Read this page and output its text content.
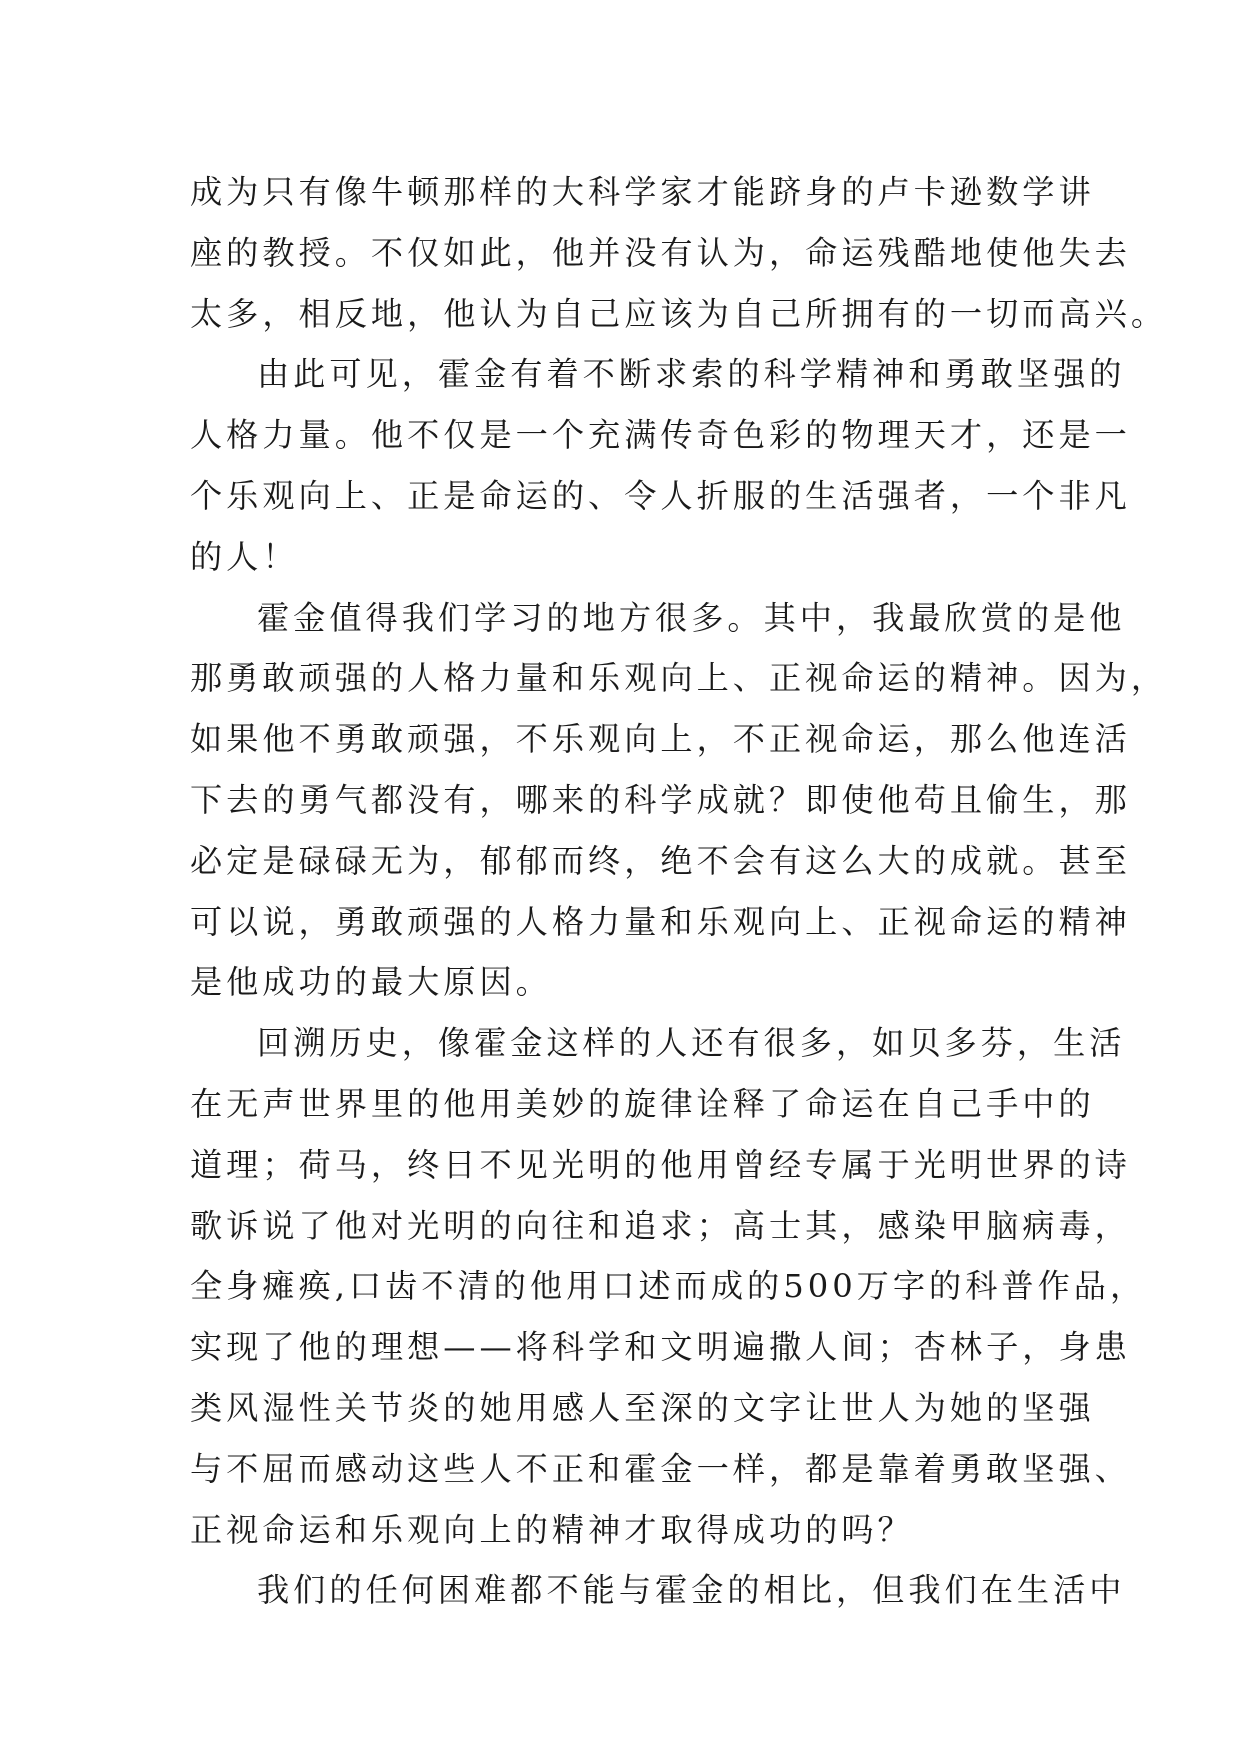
成为只有像牛顿那样的大科学家才能跻身的卢卡逊数学讲
座的教授。不仅如此，他并没有认为，命运残酷地使他失去
太多，相反地，他认为自己应该为自己所拥有的一切而高兴。
由此可见，霍金有着不断求索的科学精神和勇敢坚强的
人格力量。他不仅是一个充满传奇色彩的物理天才，还是一
个乐观向上、正是命运的、令人折服的生活强者，一个非凡
的人！
霍金值得我们学习的地方很多。其中，我最欣赏的是他
那勇敢顽强的人格力量和乐观向上、正视命运的精神。因为，
如果他不勇敢顽强，不乐观向上，不正视命运，那么他连活
下去的勇气都没有，哪来的科学成就？即使他苟且偷生，那
必定是碌碌无为，郁郁而终，绝不会有这么大的成就。甚至
可以说，勇敢顽强的人格力量和乐观向上、正视命运的精神
是他成功的最大原因。
回溯历史，像霍金这样的人还有很多，如贝多芬，生活
在无声世界里的他用美妙的旋律诠释了命运在自己手中的
道理；荷马，终日不见光明的他用曾经专属于光明世界的诗
歌诉说了他对光明的向往和追求；高士其，感染甲脑病毒，
全身瘫痪,口齿不清的他用口述而成的500万字的科普作品，
实现了他的理想——将科学和文明遍撒人间；杏林子，身患
类风湿性关节炎的她用感人至深的文字让世人为她的坚强
与不屈而感动这些人不正和霍金一样，都是靠着勇敢坚强、
正视命运和乐观向上的精神才取得成功的吗？
我们的任何困难都不能与霍金的相比，但我们在生活中
